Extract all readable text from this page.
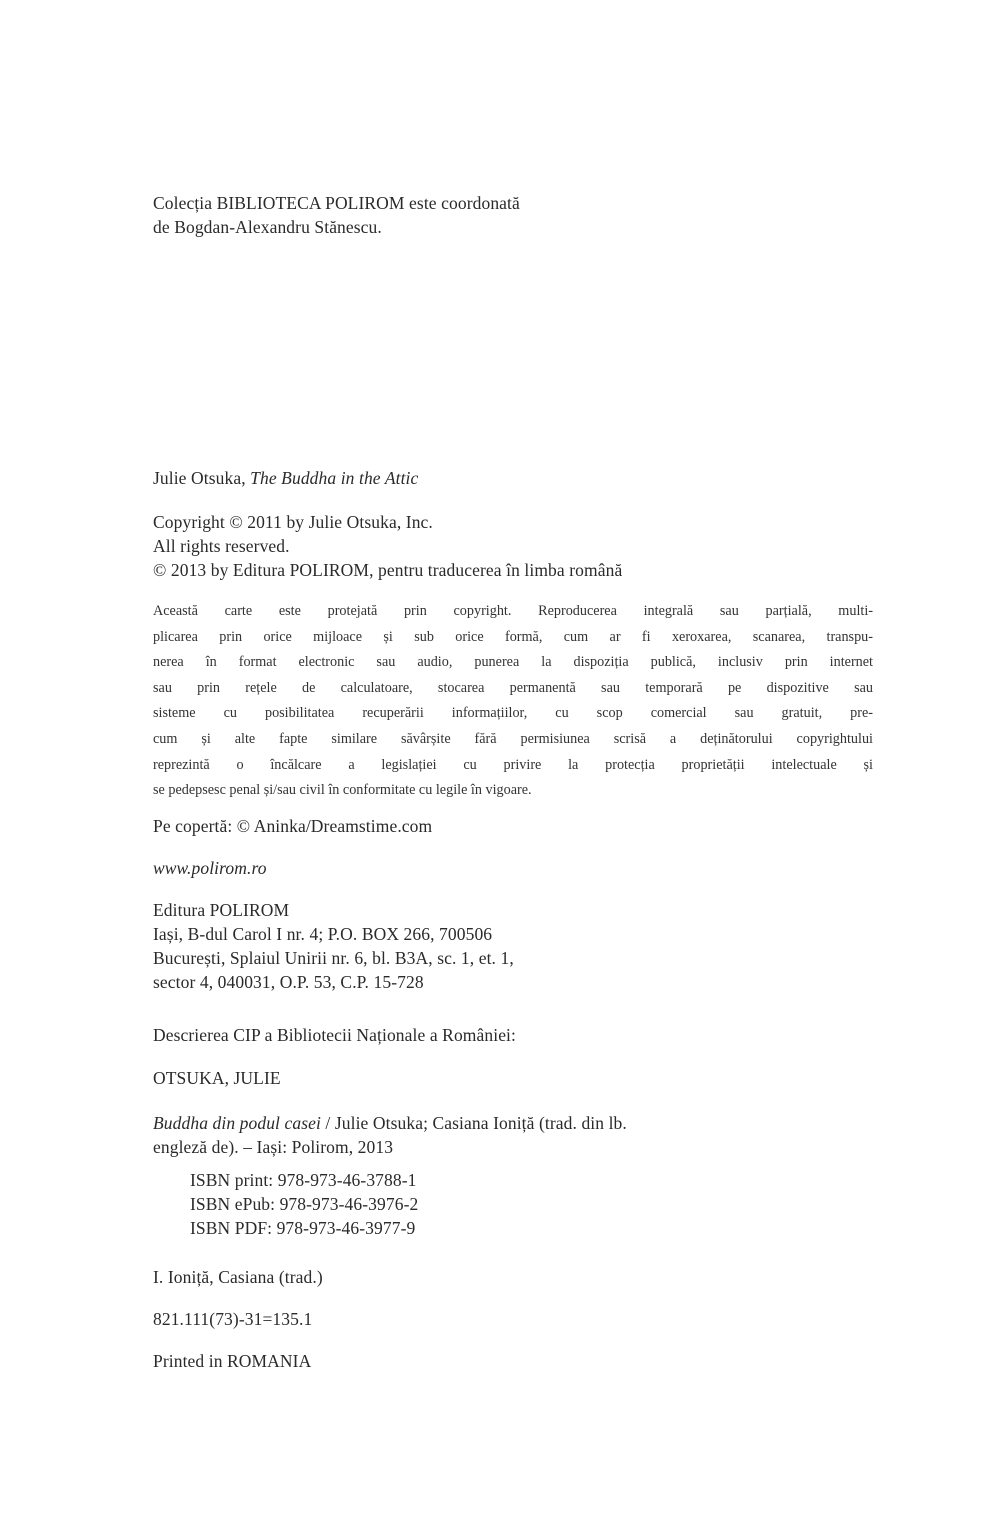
Colecția BIBLIOTECA POLIROM este coordonată
de Bogdan-Alexandru Stănescu.

Julie Otsuka, The Buddha in the Attic

Copyright © 2011 by Julie Otsuka, Inc.
All rights reserved.
© 2013 by Editura POLIROM, pentru traducerea în limba română

Această carte este protejată prin copyright. Reproducerea integrală sau parțială, multi-
plicarea prin orice mijloace și sub orice formă, cum ar fi xeroxarea, scanarea, transpu-
nerea în format electronic sau audio, punerea la dispoziția publică, inclusiv prin internet
sau prin rețele de calculatoare, stocarea permanentă sau temporară pe dispozitive sau
sisteme cu posibilitatea recuperării informațiilor, cu scop comercial sau gratuit, pre-
cum și alte fapte similare săvârșite fără permisiunea scrisă a deținătorului copyrightului
reprezintă o încălcare a legislației cu privire la protecția proprietății intelectuale și
se pedepsesc penal și/sau civil în conformitate cu legile în vigoare.

Pe copertă: © Aninka/Dreamstime.com

www.polirom.ro

Editura POLIROM
Iași, B-dul Carol I nr. 4; P.O. BOX 266, 700506
București, Splaiul Unirii nr. 6, bl. B3A, sc. 1, et. 1,
sector 4, 040031, O.P. 53, C.P. 15-728

Descrierea CIP a Bibliotecii Naționale a României:

OTSUKA, JULIE

Buddha din podul casei / Julie Otsuka; Casiana Ioniță (trad. din lb.
engleză de). – Iași: Polirom, 2013

ISBN print: 978-973-46-3788-1
ISBN ePub: 978-973-46-3976-2
ISBN PDF: 978-973-46-3977-9

I. Ioniță, Casiana (trad.)

821.111(73)-31=135.1

Printed in ROMANIA
